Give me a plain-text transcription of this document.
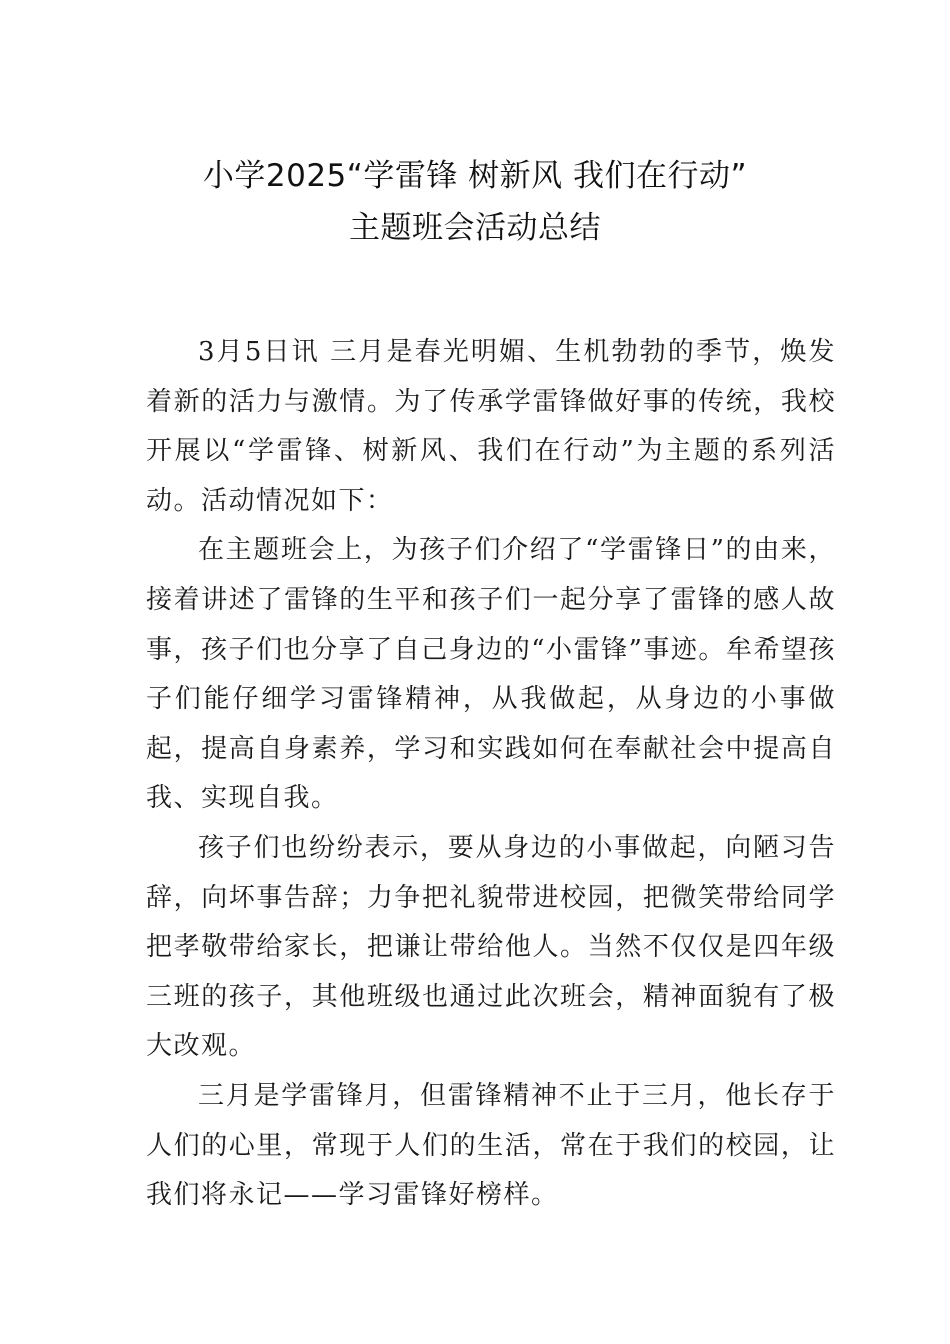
小学2025“学雷锋 树新风 我们在行动”
主题班会活动总结

3月5日讯 三月是春光明媚、生机勃勃的季节，焕发着新的活力与激情。为了传承学雷锋做好事的传统，我校开展以“学雷锋、树新风、我们在行动”为主题的系列活动。活动情况如下：

在主题班会上，为孩子们介绍了“学雷锋日”的由来，接着讲述了雷锋的生平和孩子们一起分享了雷锋的感人故事，孩子们也分享了自己身边的“小雷锋”事迹。牟希望孩子们能仔细学习雷锋精神，从我做起，从身边的小事做起，提高自身素养，学习和实践如何在奉献社会中提高自我、实现自我。

孩子们也纷纷表示，要从身边的小事做起，向陋习告辞，向坏事告辞；力争把礼貌带进校园，把微笑带给同学把孝敬带给家长，把谦让带给他人。当然不仅仅是四年级三班的孩子，其他班级也通过此次班会，精神面貌有了极大改观。

三月是学雷锋月，但雷锋精神不止于三月，他长存于人们的心里，常现于人们的生活，常在于我们的校园，让我们将永记——学习雷锋好榜样。
